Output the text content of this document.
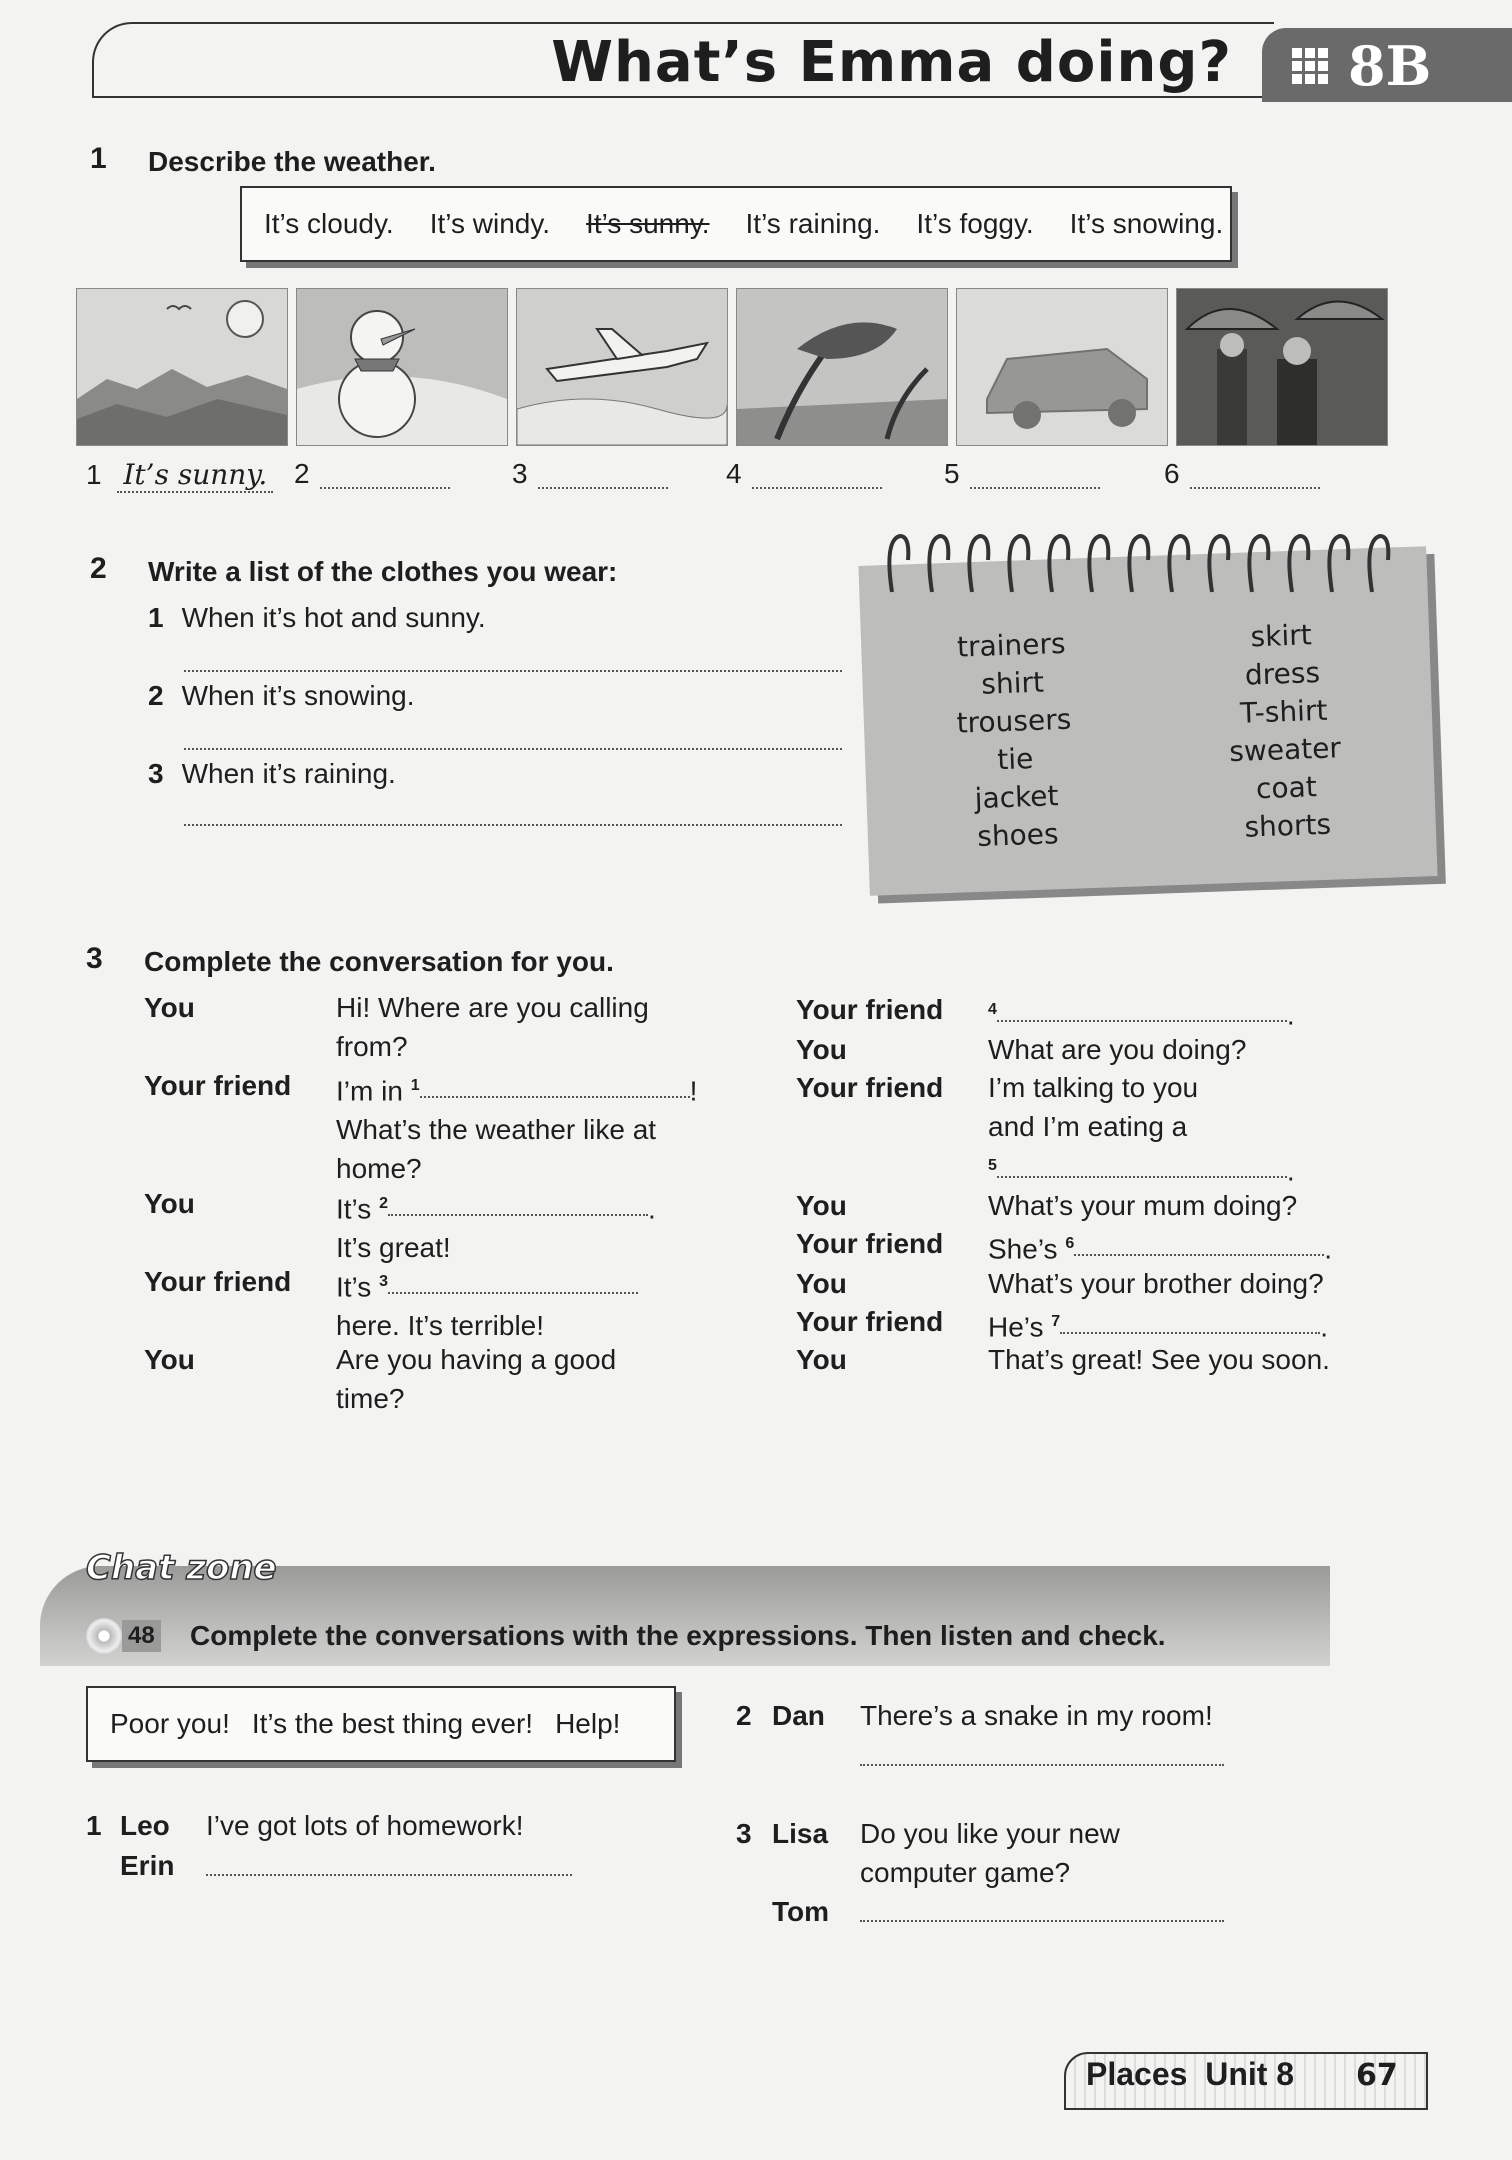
What’s Emma doing? 8B
1 Describe the weather.
It’s cloudy. It’s windy. It’s sunny. It’s raining. It’s foggy. It’s snowing.
1 It’s sunny. 2	3	4	5	6
2 Write a list of the clothes you wear:
1 When it’s hot and sunny.
2 When it’s snowing.
3 When it’s raining.
trainers
shirt
trousers
tie
jacket
shoes
skirt
dress
T-shirt
sweater
coat
shorts
3 Complete the conversation for you.
You	Hi! Where are you calling
from?
Your friend I’m in $^1$	!
What’s the weather like at
home?
You	It’s $^2$	.
It’s great!
Your friend It’s $^3$
here. It’s terrible!
You	Are you having a good
time?
Your friend	$^4$	.
You	What are you doing?
Your friend I’m talking to you
and I’m eating a
$^5$	.
You	What’s your mum doing?
Your friend She’s $^6$	.
You	What’s your brother doing?
Your friend He’s $^7$	.
You	That’s great! See you soon.
Chat zone
48 Complete the conversations with the expressions. Then listen and check.
Poor you! It’s the best thing ever! Help!
1 Leo I’ve got lots of homework!
Erin
2 Dan There’s a snake in my room!
3 Lisa Do you like your new computer game?
Tom
Places Unit 8 67
